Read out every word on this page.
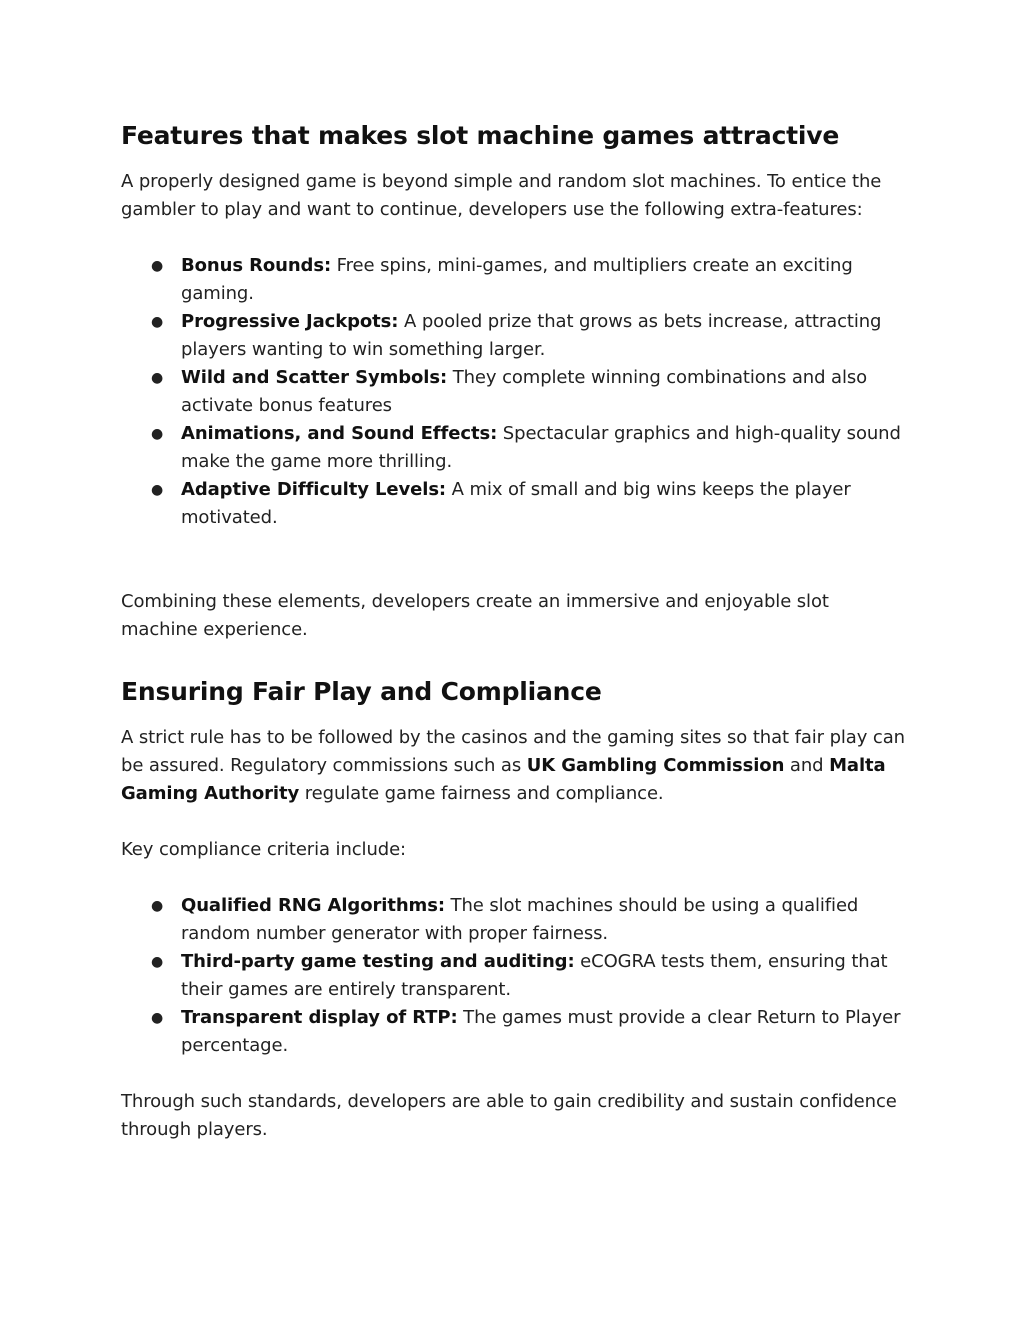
Features that makes slot machine games attractive

A properly designed game is beyond simple and random slot machines. To entice the gambler to play and want to continue, developers use the following extra-features:

● Bonus Rounds: Free spins, mini-games, and multipliers create an exciting gaming.
● Progressive Jackpots: A pooled prize that grows as bets increase, attracting players wanting to win something larger.
● Wild and Scatter Symbols: They complete winning combinations and also activate bonus features
● Animations, and Sound Effects: Spectacular graphics and high-quality sound make the game more thrilling.
● Adaptive Difficulty Levels: A mix of small and big wins keeps the player motivated.

Combining these elements, developers create an immersive and enjoyable slot machine experience.

Ensuring Fair Play and Compliance

A strict rule has to be followed by the casinos and the gaming sites so that fair play can be assured. Regulatory commissions such as UK Gambling Commission and Malta Gaming Authority regulate game fairness and compliance.

Key compliance criteria include:

● Qualified RNG Algorithms: The slot machines should be using a qualified random number generator with proper fairness.
● Third-party game testing and auditing: eCOGRA tests them, ensuring that their games are entirely transparent.
● Transparent display of RTP: The games must provide a clear Return to Player percentage.

Through such standards, developers are able to gain credibility and sustain confidence through players.
